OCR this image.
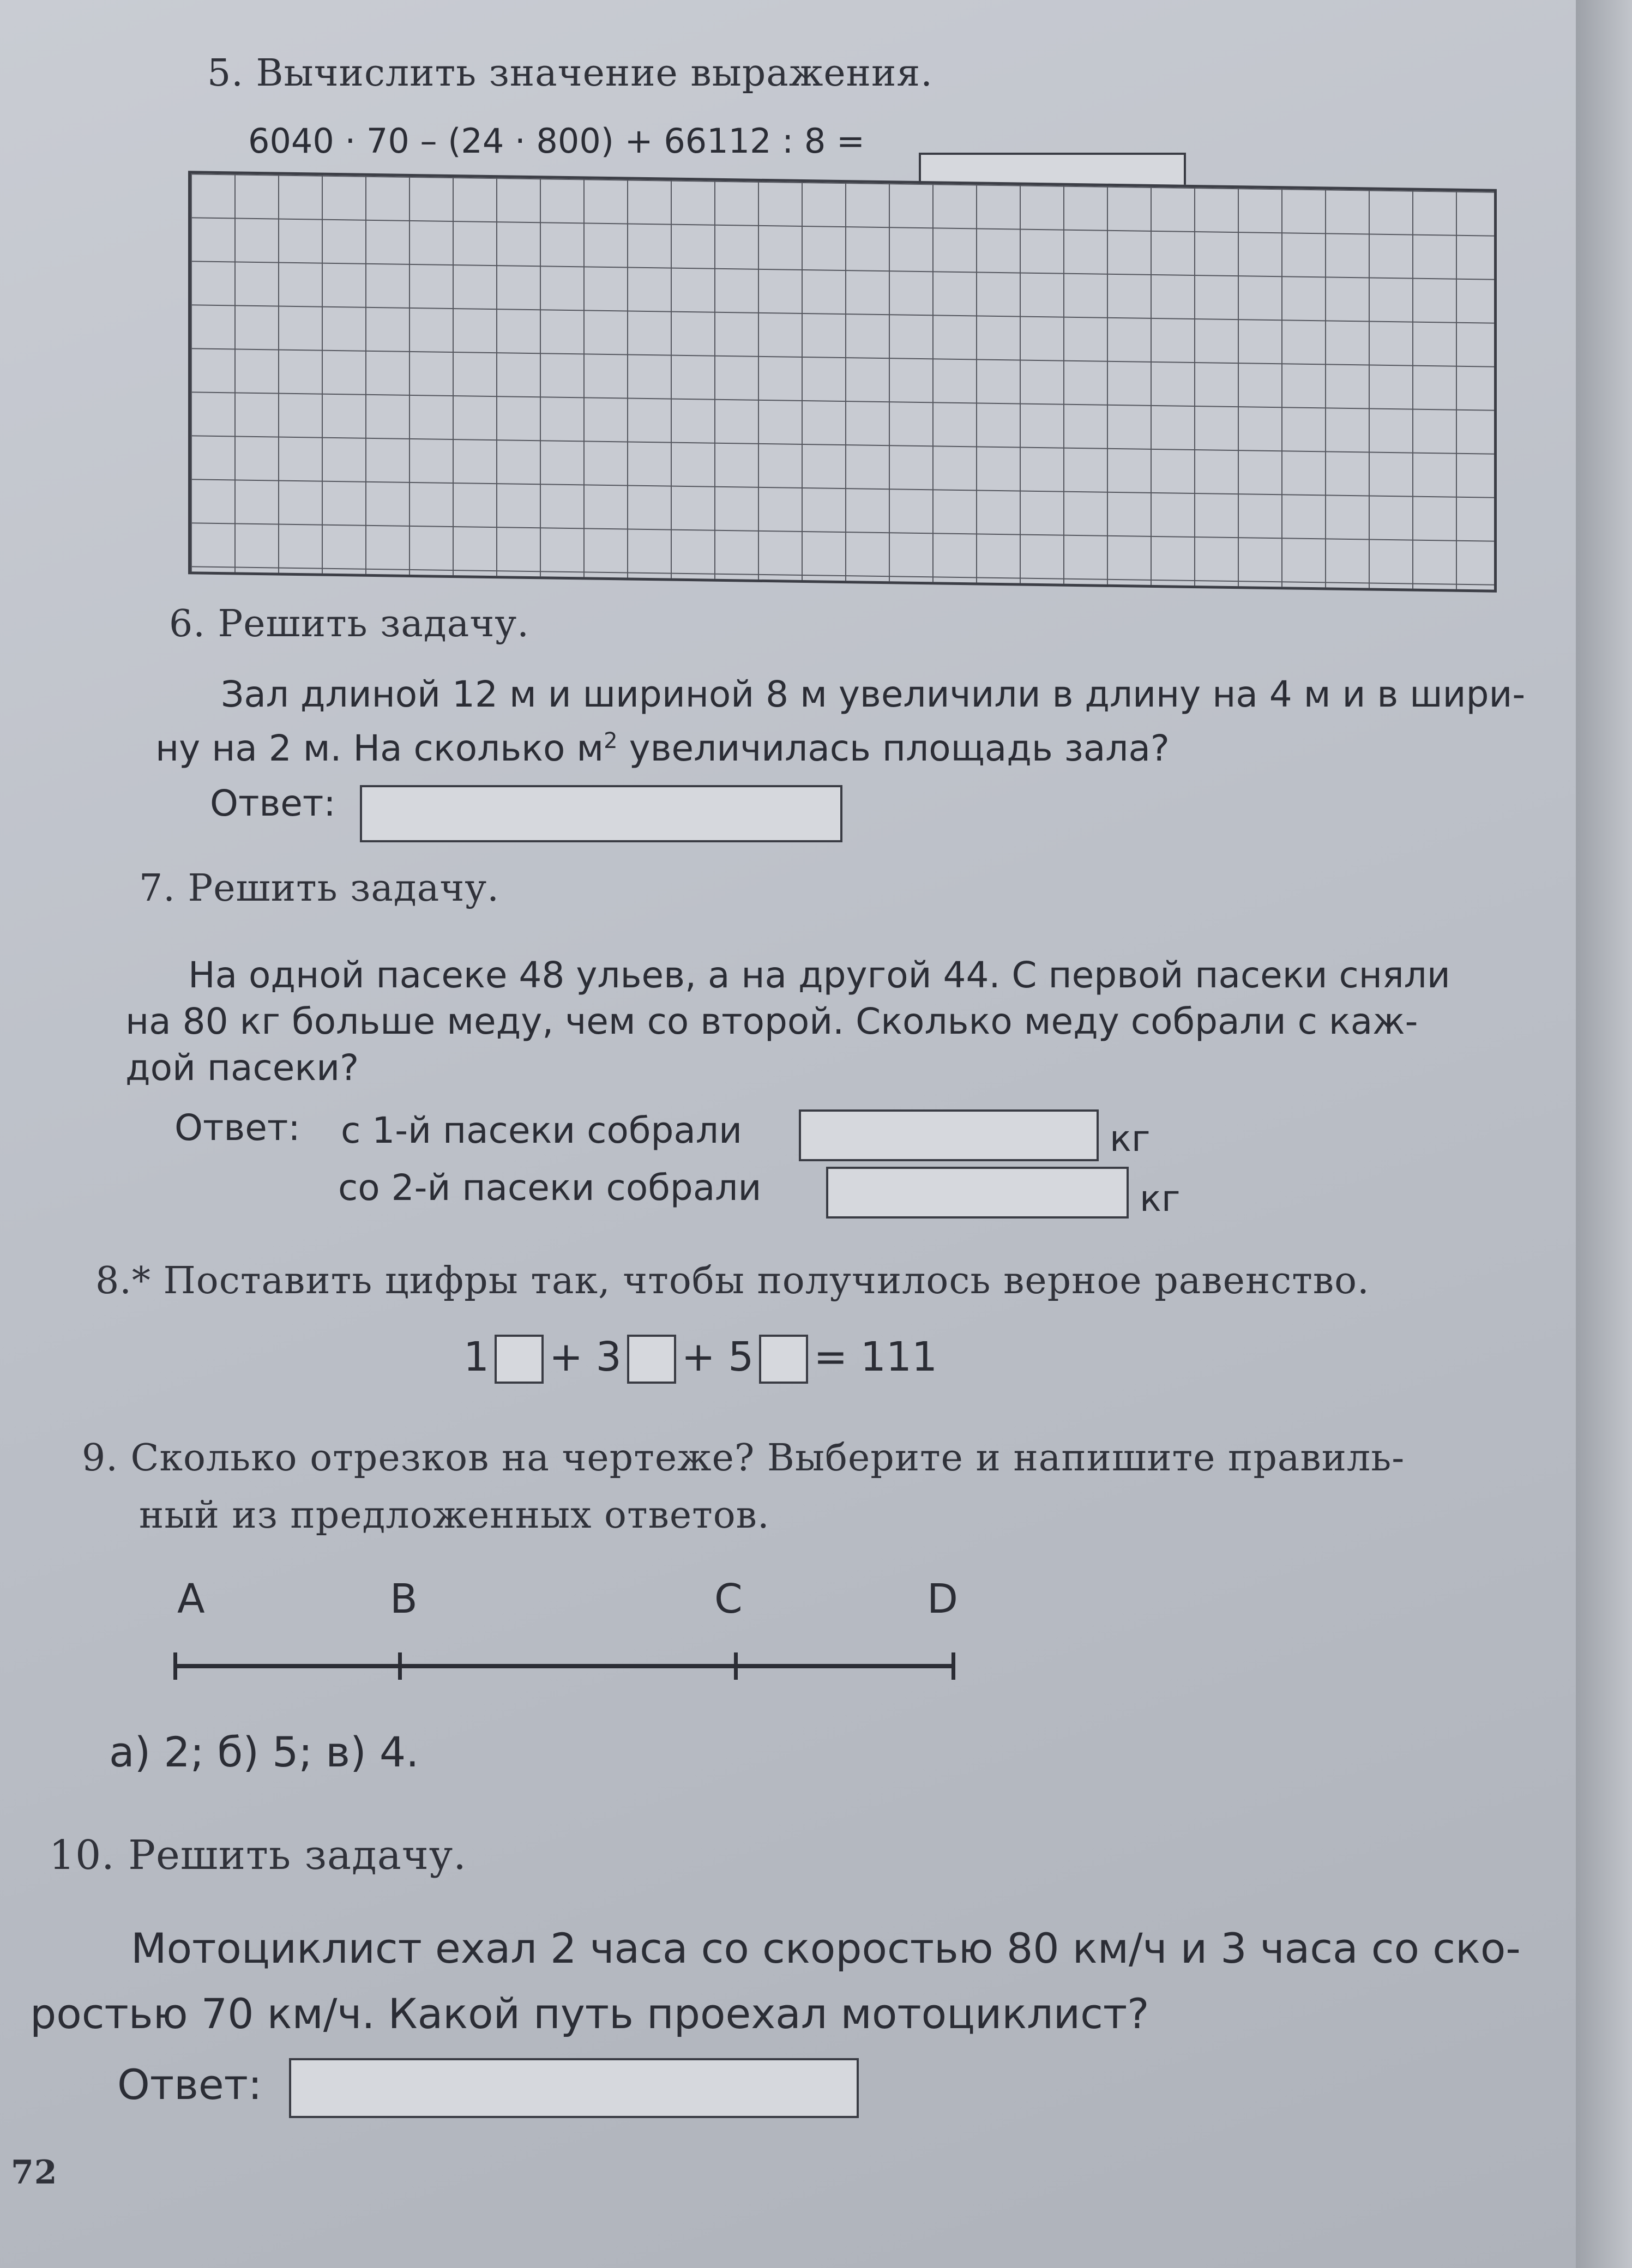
5. Вычислить значение выражения.
6040 · 70 – (24 · 800) + 66112 : 8 =
6. Решить задачу.
Зал длиной 12 м и шириной 8 м увеличили в длину на 4 м и в шири-
ну на 2 м. На сколько $м^2$ увеличилась площадь зала?
Ответ:
7. Решить задачу.
На одной пасеке 48 ульев, а на другой 44. С первой пасеки сняли
на 80 кг больше меду, чем со второй. Сколько меду собрали с каж-
дой пасеки?
Ответ: с 1-й пасеки собрали	кг
со 2-й пасеки собрали	кг
8.* Поставить цифры так, чтобы получилось верное равенство.
1 + 3 + 5 = 111
9. Сколько отрезков на чертеже? Выберите и напишите правиль-
ный из предложенных ответов.
A	B	C	D
а) 2; б) 5; в) 4.
10. Решить задачу.
Мотоциклист ехал 2 часа со скоростью 80 км/ч и 3 часа со ско-
ростью 70 км/ч. Какой путь проехал мотоциклист?
Ответ:
72
